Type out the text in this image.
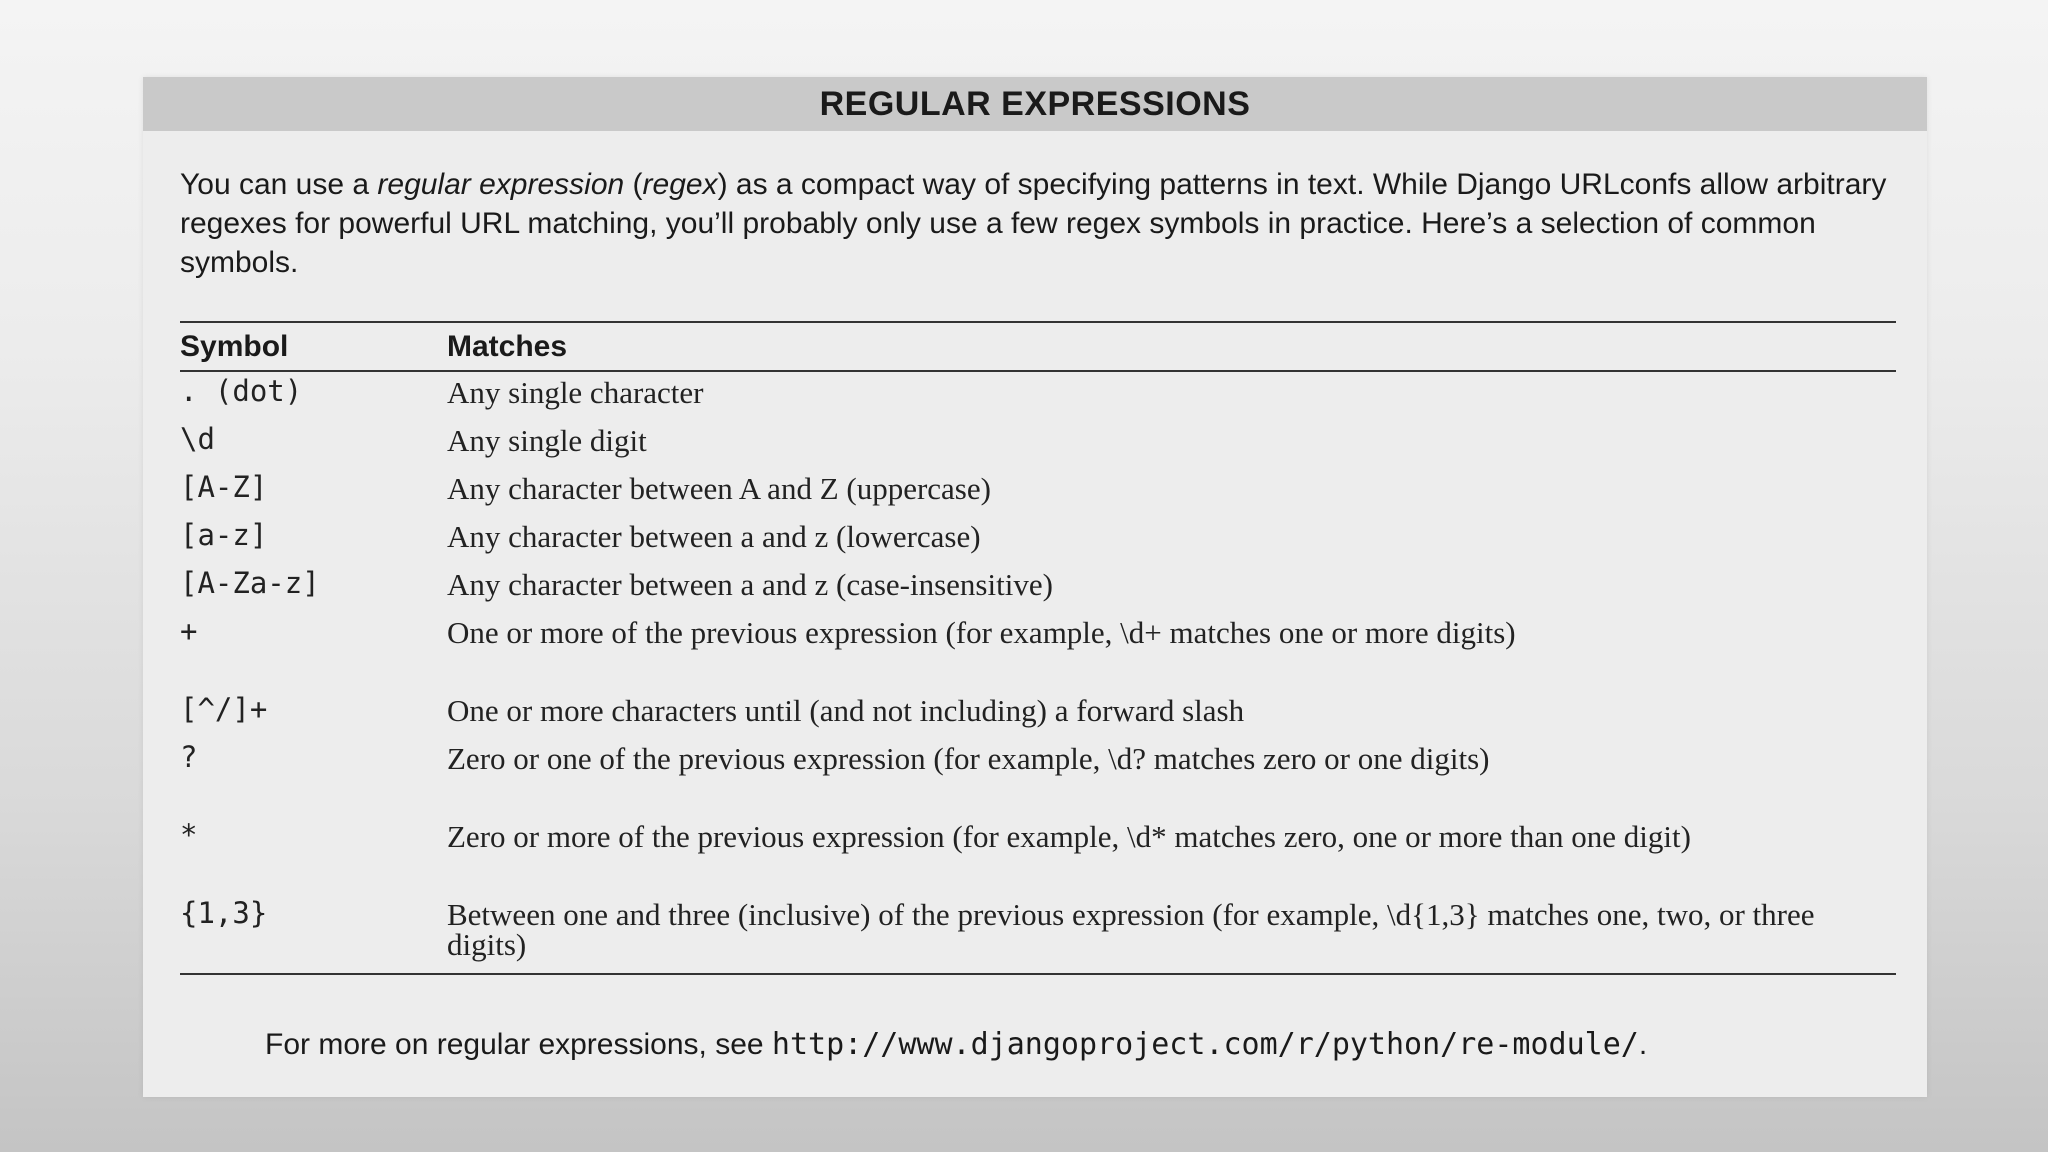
REGULAR EXPRESSIONS
You can use a regular expression (regex) as a compact way of specifying patterns in text. While Django URLconfs allow arbitrary regexes for powerful URL matching, you’ll probably only use a few regex symbols in practice. Here’s a selection of common symbols.
Symbol	Matches
. (dot)	Any single character
\d	Any single digit
[A-Z]	Any character between A and Z (uppercase)
[a-z]	Any character between a and z (lowercase)
[A-Za-z]	Any character between a and z (case-insensitive)
+	One or more of the previous expression (for example, \d+ matches one or more digits)
[^/]+	One or more characters until (and not including) a forward slash
?	Zero or one of the previous expression (for example, \d? matches zero or one digits)
*	Zero or more of the previous expression (for example, \d* matches zero, one or more than one digit)
{1,3}	Between one and three (inclusive) of the previous expression (for example, \d{1,3} matches one, two, or three digits)
For more on regular expressions, see http://www.djangoproject.com/r/python/re-module/.
